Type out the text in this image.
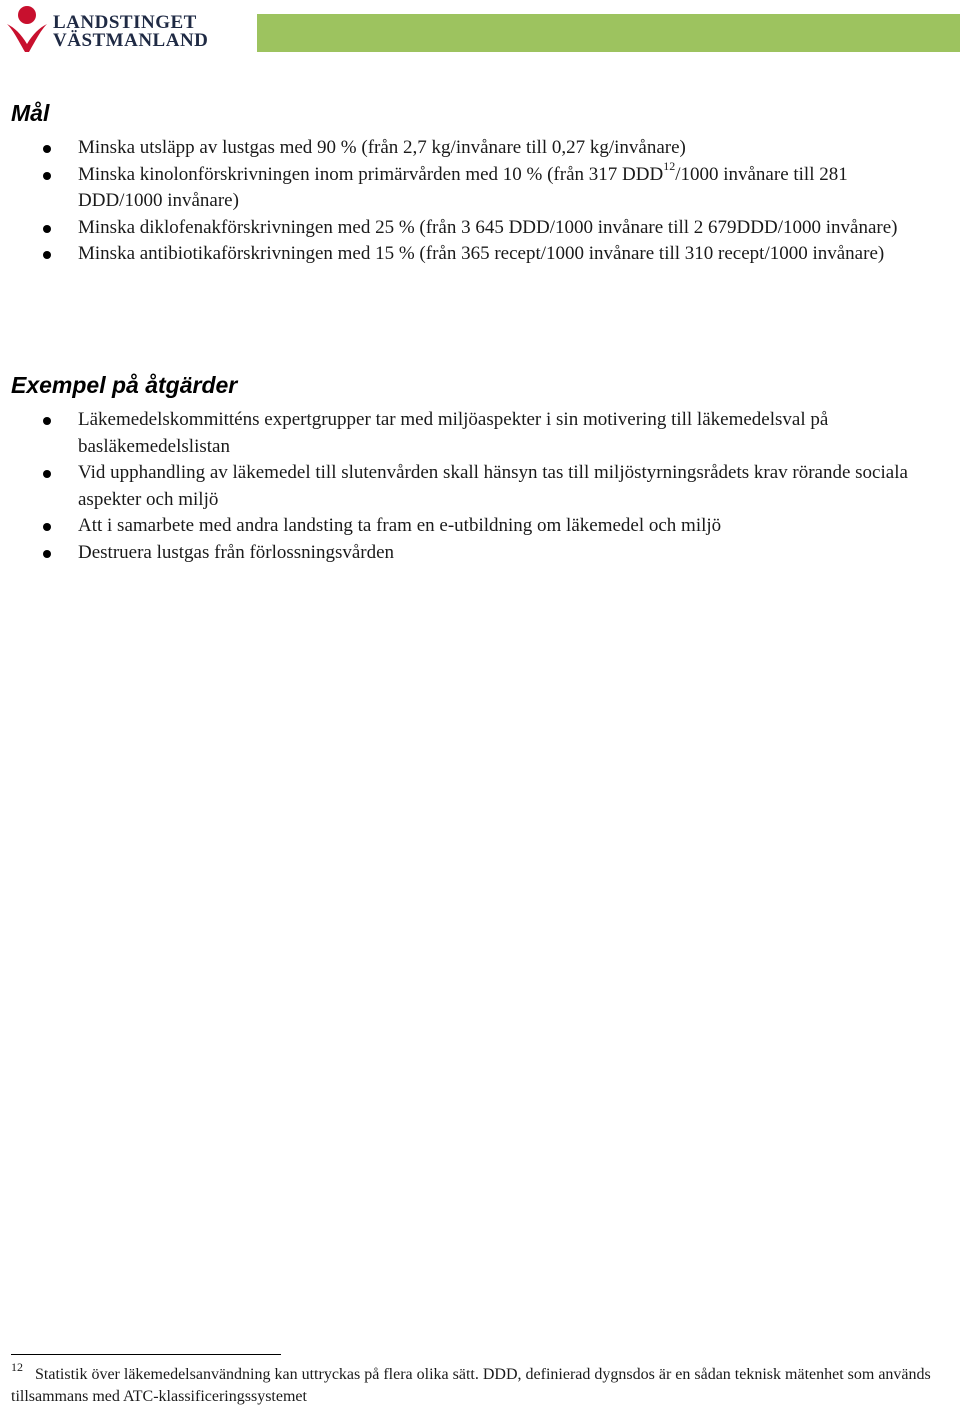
LANDSTINGET
VÄSTMANLAND
Mål
Minska utsläpp av lustgas med 90 % (från 2,7 kg/invånare till 0,27 kg/invånare)
Minska kinolonförskrivningen inom primärvården med 10 % (från 317 DDD$^{12}$/1000 invånare till 281 DDD/1000 invånare)
Minska diklofenakförskrivningen med 25 % (från 3 645 DDD/1000 invånare till 2 679DDD/1000 invånare)
Minska antibiotikaförskrivningen med 15 % (från 365 recept/1000 invånare till 310 recept/1000 invånare)
Exempel på åtgärder
Läkemedelskommitténs expertgrupper tar med miljöaspekter i sin motivering till läkemedelsval på basläkemedelslistan
Vid upphandling av läkemedel till slutenvården skall hänsyn tas till miljöstyrningsrådets krav rörande sociala aspekter och miljö
Att i samarbete med andra landsting ta fram en e-utbildning om läkemedel och miljö
Destruera lustgas från förlossningsvården
$^{12}$ Statistik över läkemedelsanvändning kan uttryckas på flera olika sätt. DDD, definierad dygnsdos är en sådan teknisk mätenhet som används tillsammans med ATC-klassificeringssystemet
